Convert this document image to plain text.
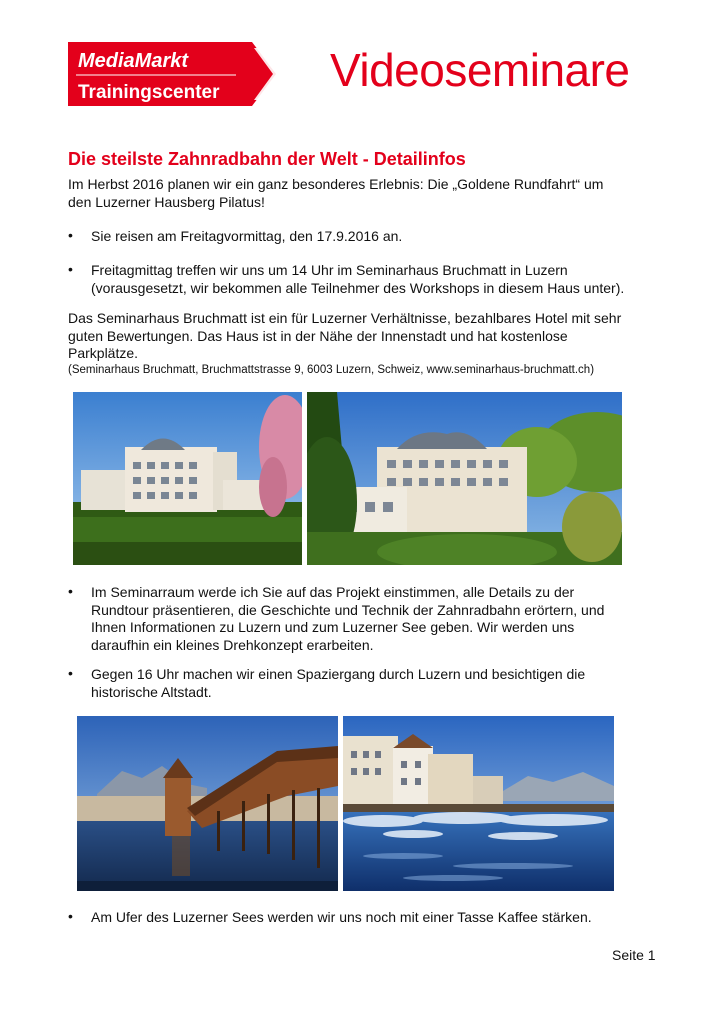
MediaMarkt
Trainingscenter Videoseminare
Die steilste Zahnradbahn der Welt - Detailinfos
Im Herbst 2016 planen wir ein ganz besonderes Erlebnis: Die „Goldene Rundfahrt“ um
den Luzerner Hausberg Pilatus!
• Sie reisen am Freitagvormittag, den 17.9.2016 an.
• Freitagmittag treffen wir uns um 14 Uhr im Seminarhaus Bruchmatt in Luzern
(vorausgesetzt, wir bekommen alle Teilnehmer des Workshops in diesem Haus unter).
Das Seminarhaus Bruchmatt ist ein für Luzerner Verhältnisse, bezahlbares Hotel mit sehr
guten Bewertungen. Das Haus ist in der Nähe der Innenstadt und hat kostenlose
Parkplätze.
(Seminarhaus Bruchmatt, Bruchmattstrasse 9, 6003 Luzern, Schweiz, www.seminarhaus-bruchmatt.ch)
• Im Seminarraum werde ich Sie auf das Projekt einstimmen, alle Details zu der
Rundtour präsentieren, die Geschichte und Technik der Zahnradbahn erörtern, und
Ihnen Informationen zu Luzern und zum Luzerner See geben. Wir werden uns
daraufhin ein kleines Drehkonzept erarbeiten.
• Gegen 16 Uhr machen wir einen Spaziergang durch Luzern und besichtigen die
historische Altstadt.
• Am Ufer des Luzerner Sees werden wir uns noch mit einer Tasse Kaffee stärken.
Seite 1
